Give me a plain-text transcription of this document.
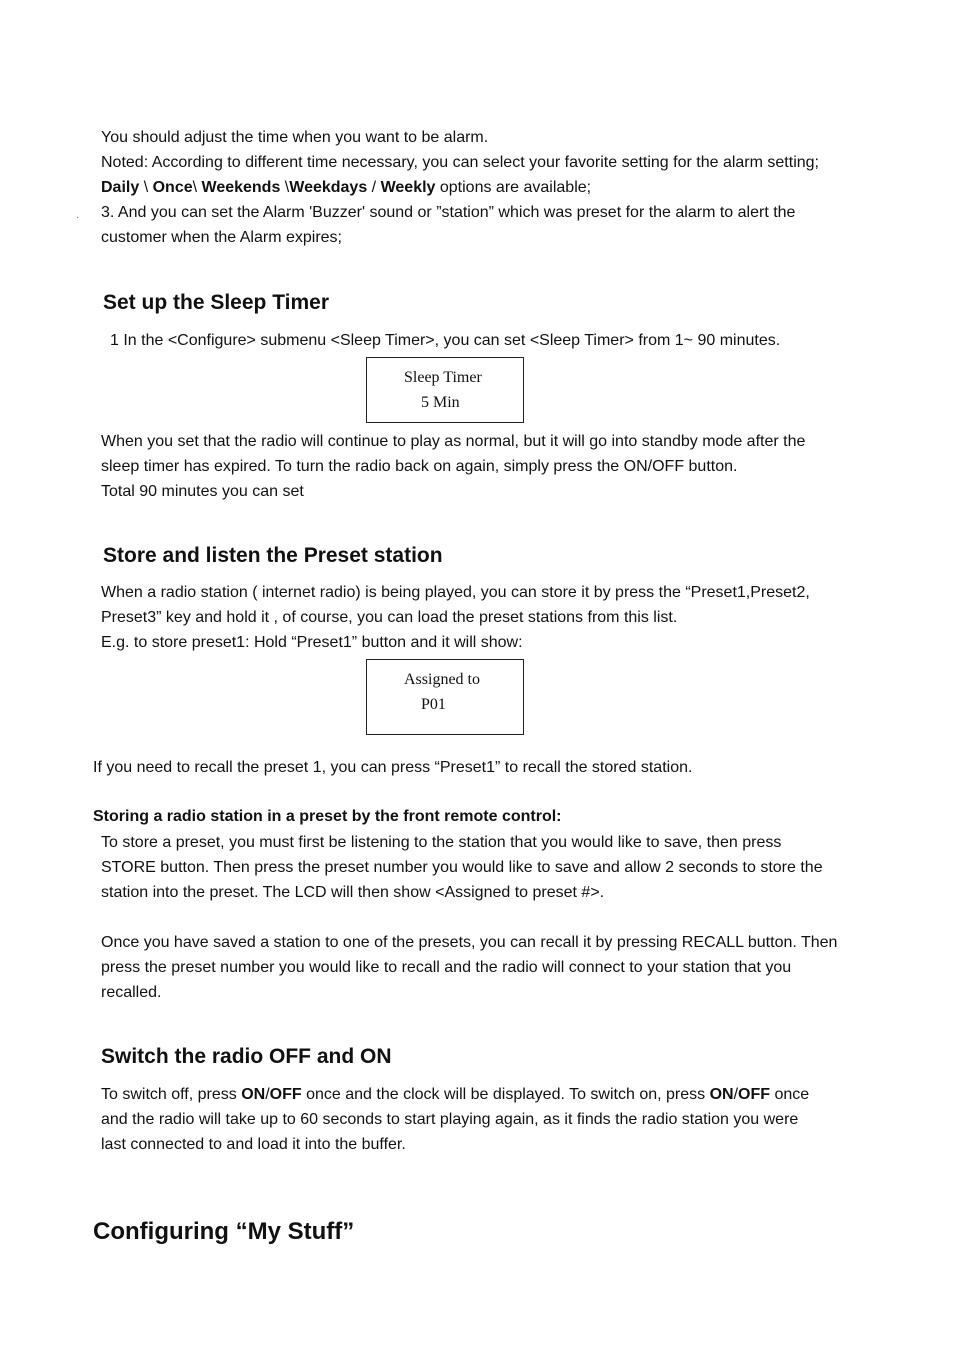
You should adjust the time when you want to be alarm.
Noted: According to different time necessary, you can select your favorite setting for the alarm setting;
Daily \ Once\ Weekends \Weekdays / Weekly options are available;
3. And you can set the Alarm 'Buzzer' sound or ”station” which was preset for the alarm to alert the
customer when the Alarm expires;
·
Set up the Sleep Timer
1 In the <Configure> submenu <Sleep Timer>, you can set <Sleep Timer> from 1~ 90 minutes.
Sleep Timer
5 Min
When you set that the radio will continue to play as normal, but it will go into standby mode after the
sleep timer has expired. To turn the radio back on again, simply press the ON/OFF button.
Total 90 minutes you can set
Store and listen the Preset station
When a radio station ( internet radio) is being played, you can store it by press the “Preset1,Preset2,
Preset3” key and hold it , of course, you can load the preset stations from this list.
E.g. to store preset1: Hold “Preset1” button and it will show:
Assigned to
P01
If you need to recall the preset 1, you can press “Preset1” to recall the stored station.
Storing a radio station in a preset by the front remote control:
To store a preset, you must first be listening to the station that you would like to save, then press
STORE button. Then press the preset number you would like to save and allow 2 seconds to store the
station into the preset. The LCD will then show <Assigned to preset #>.
Once you have saved a station to one of the presets, you can recall it by pressing RECALL button. Then
press the preset number you would like to recall and the radio will connect to your station that you
recalled.
Switch the radio OFF and ON
To switch off, press ON/OFF once and the clock will be displayed. To switch on, press ON/OFF once
and the radio will take up to 60 seconds to start playing again, as it finds the radio station you were
last connected to and load it into the buffer.
Configuring “My Stuff”
